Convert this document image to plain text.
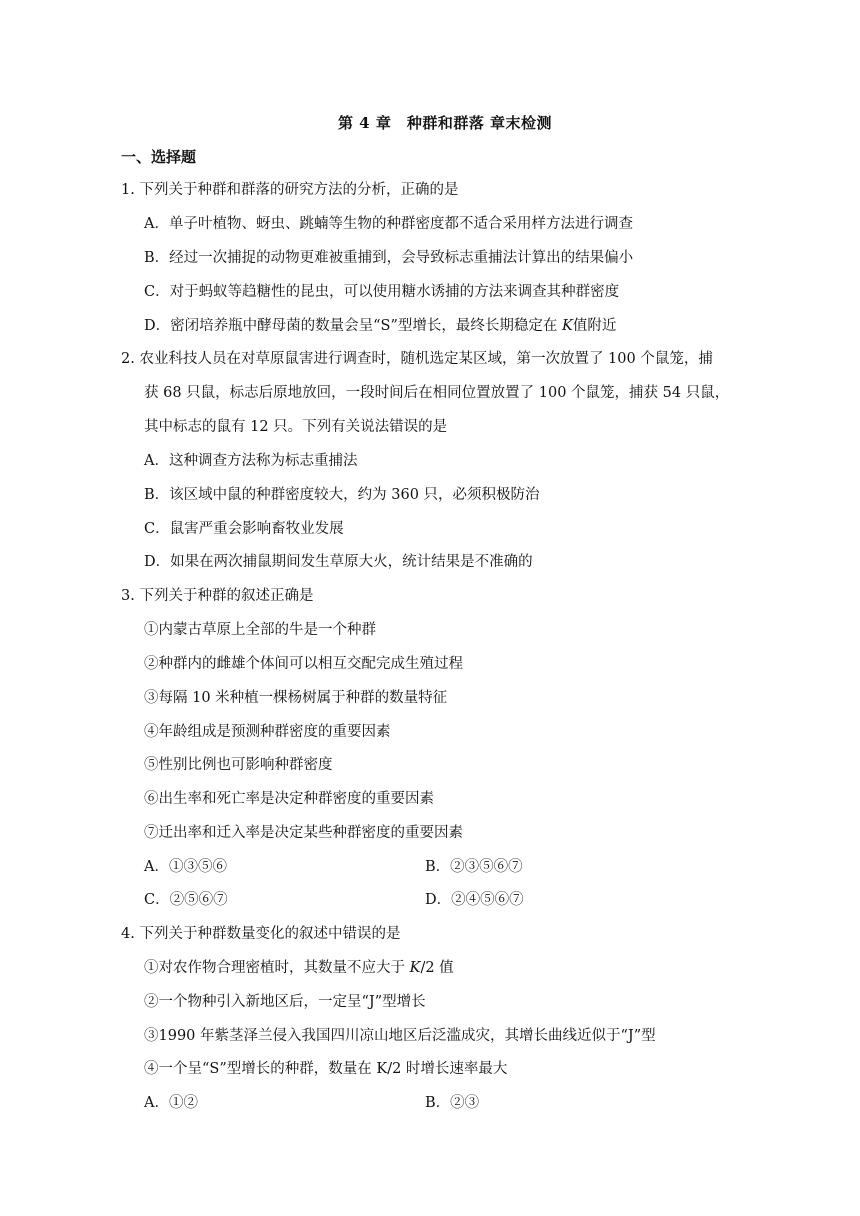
第 4 章　种群和群落 章末检测
一、选择题
1. 下列关于种群和群落的研究方法的分析，正确的是
A．单子叶植物、蚜虫、跳蝻等生物的种群密度都不适合采用样方法进行调查
B．经过一次捕捉的动物更难被重捕到，会导致标志重捕法计算出的结果偏小
C．对于蚂蚁等趋糖性的昆虫，可以使用糖水诱捕的方法来调查其种群密度
D．密闭培养瓶中酵母菌的数量会呈“S”型增长，最终长期稳定在 K值附近
2. 农业科技人员在对草原鼠害进行调查时，随机选定某区域，第一次放置了 100 个鼠笼，捕
获 68 只鼠，标志后原地放回，一段时间后在相同位置放置了 100 个鼠笼，捕获 54 只鼠，
其中标志的鼠有 12 只。下列有关说法错误的是
A．这种调查方法称为标志重捕法
B．该区域中鼠的种群密度较大，约为 360 只，必须积极防治
C．鼠害严重会影响畜牧业发展
D．如果在两次捕鼠期间发生草原大火，统计结果是不准确的
3. 下列关于种群的叙述正确是
①内蒙古草原上全部的牛是一个种群
②种群内的雌雄个体间可以相互交配完成生殖过程
③每隔 10 米种植一棵杨树属于种群的数量特征
④年龄组成是预测种群密度的重要因素
⑤性别比例也可影响种群密度
⑥出生率和死亡率是决定种群密度的重要因素
⑦迁出率和迁入率是决定某些种群密度的重要因素
A．①③⑤⑥	B．②③⑤⑥⑦
C．②⑤⑥⑦	D．②④⑤⑥⑦
4. 下列关于种群数量变化的叙述中错误的是
①对农作物合理密植时，其数量不应大于 K/2 值
②一个物种引入新地区后，一定呈“J”型增长
③1990 年紫茎泽兰侵入我国四川凉山地区后泛滥成灾，其增长曲线近似于“J”型
④一个呈“S”型增长的种群，数量在 K/2 时增长速率最大
A．①②	B．②③
